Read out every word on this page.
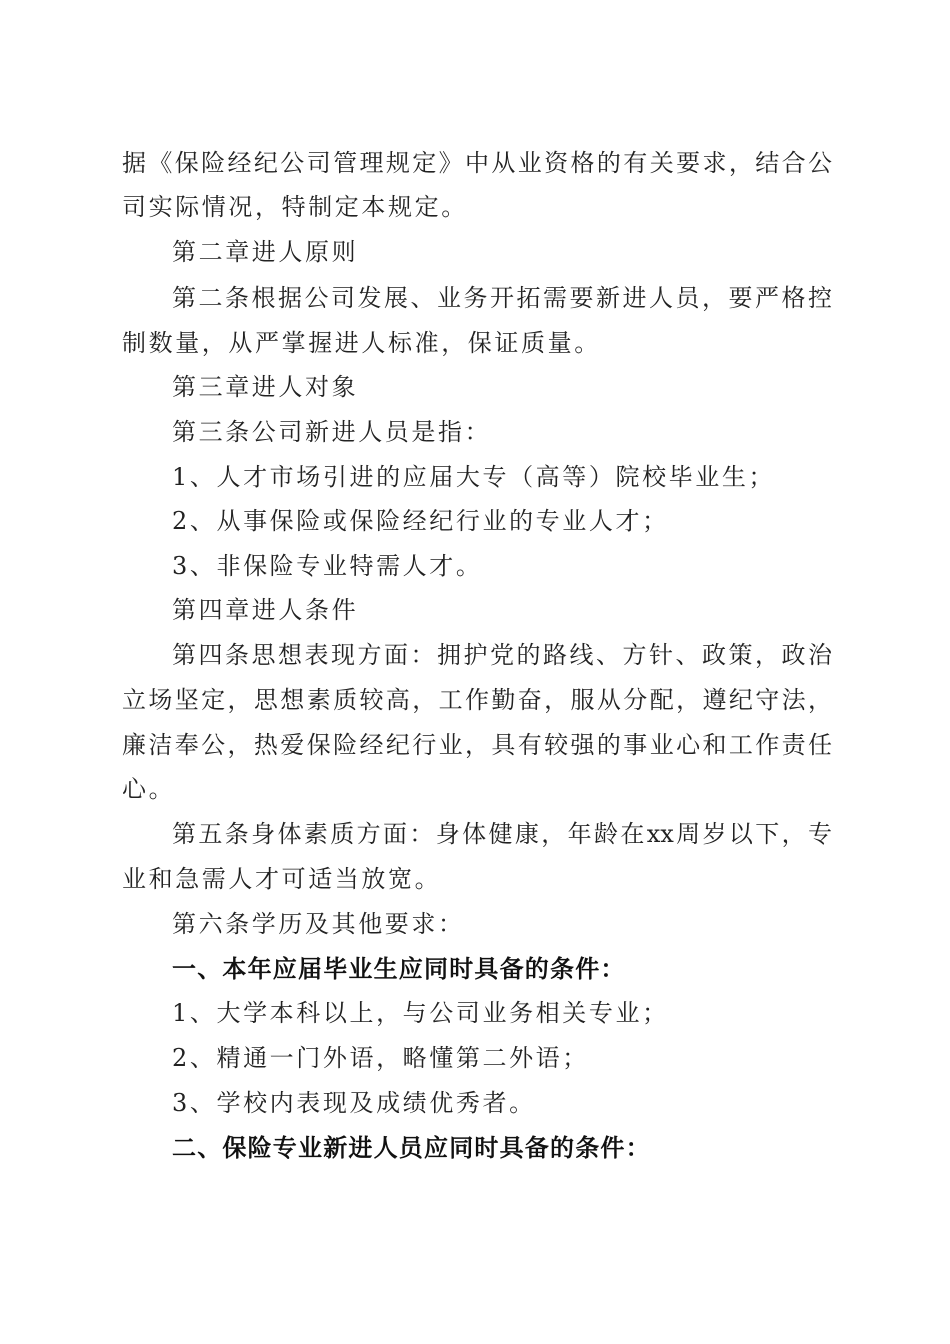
据《保险经纪公司管理规定》中从业资格的有关要求，结合公
司实际情况，特制定本规定。
第二章进人原则
第二条根据公司发展、业务开拓需要新进人员，要严格控
制数量，从严掌握进人标准，保证质量。
第三章进人对象
第三条公司新进人员是指：
1、人才市场引进的应届大专（高等）院校毕业生；
2、从事保险或保险经纪行业的专业人才；
3、非保险专业特需人才。
第四章进人条件
第四条思想表现方面：拥护党的路线、方针、政策，政治
立场坚定，思想素质较高，工作勤奋，服从分配，遵纪守法，
廉洁奉公，热爱保险经纪行业，具有较强的事业心和工作责任
心。
第五条身体素质方面：身体健康，年龄在xx周岁以下，专
业和急需人才可适当放宽。
第六条学历及其他要求：
一、本年应届毕业生应同时具备的条件：
1、大学本科以上，与公司业务相关专业；
2、精通一门外语，略懂第二外语；
3、学校内表现及成绩优秀者。
二、保险专业新进人员应同时具备的条件：
